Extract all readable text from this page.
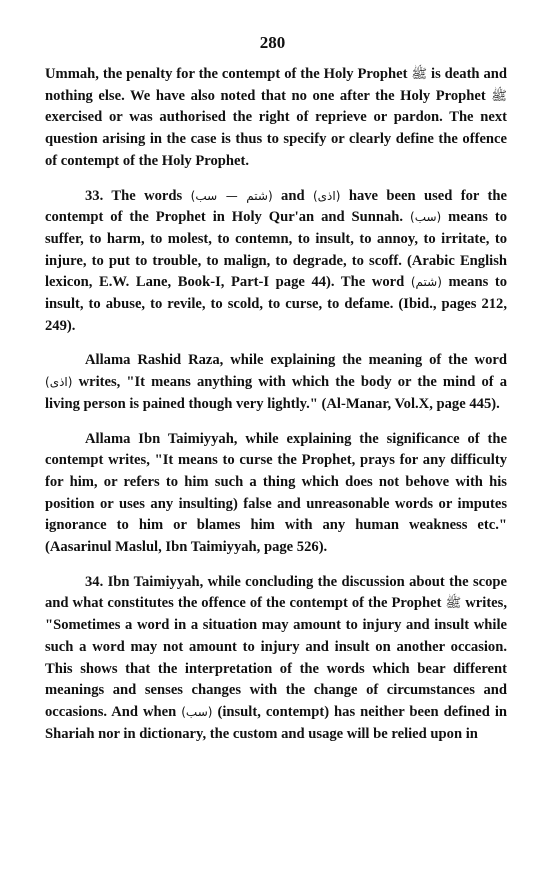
280

Ummah, the penalty for the contempt of the Holy Prophet ﷺ is death and nothing else. We have also noted that no one after the Holy Prophet ﷺ exercised or was authorised the right of reprieve or pardon. The next question arising in the case is thus to specify or clearly define the offence of contempt of the Holy Prophet.

33. The words (شتم — سب) and (اذی) have been used for the contempt of the Prophet in Holy Qur'an and Sunnah. (سب) means to suffer, to harm, to molest, to contemn, to insult, to annoy, to irritate, to injure, to put to trouble, to malign, to degrade, to scoff. (Arabic English lexicon, E.W. Lane, Book-I, Part-I page 44). The word (شتم) means to insult, to abuse, to revile, to scold, to curse, to defame. (Ibid., pages 212, 249).

Allama Rashid Raza, while explaining the meaning of the word (اذی) writes, "It means anything with which the body or the mind of a living person is pained though very lightly." (Al-Manar, Vol.X, page 445).

Allama Ibn Taimiyyah, while explaining the significance of the contempt writes, "It means to curse the Prophet, prays for any difficulty for him, or refers to him such a thing which does not behove with his position or uses any insulting) false and unreasonable words or imputes ignorance to him or blames him with any human weakness etc." (Aasarinul Maslul, Ibn Taimiyyah, page 526).

34. Ibn Taimiyyah, while concluding the discussion about the scope and what constitutes the offence of the contempt of the Prophet ﷺ writes, "Sometimes a word in a situation may amount to injury and insult while such a word may not amount to injury and insult on another occasion. This shows that the interpretation of the words which bear different meanings and senses changes with the change of circumstances and occasions. And when (سب) (insult, contempt) has neither been defined in Shariah nor in dictionary, the custom and usage will be relied upon in
